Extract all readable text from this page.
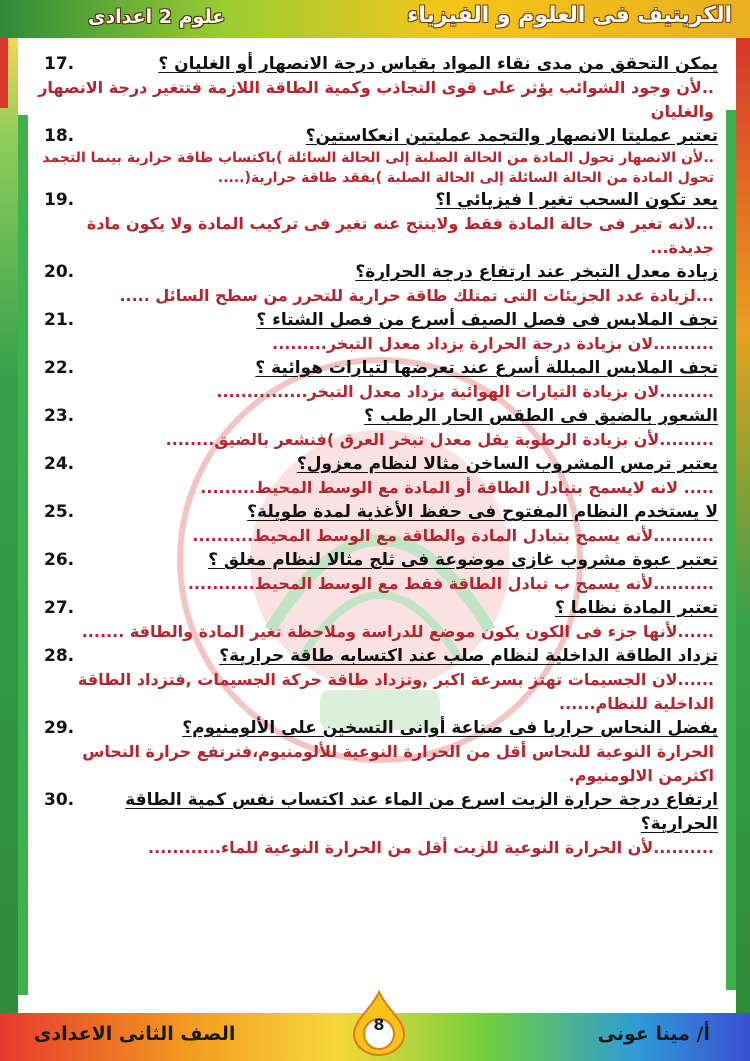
الكريتيف فى العلوم و الفيزياء
علوم 2 اعدادى
يمكن التحقق من مدى نقاء المواد بقياس درجة الانصهار أو الغليان ؟
17.
..لأن وجود الشوائب يؤثر على قوى التجاذب وكمية الطاقة اللازمة فتتغير درجة الانصهار والغليان
تعتبر عمليتا الانصهار والتجمد عمليتين انعكاستين؟
18.
..لأن الانصهار تحول المادة من الحالة الصلبة إلى الحالة السائلة )باكتساب طاقة حرارية بينما التجمد تحول المادة من الحالة السائلة إلى الحالة الصلبة )بفقد طاقة حرارية(.....
يعد تكون السحب تغير ا فيزيائي ا؟
19.
...لانه تغير فى حالة المادة فقط ولاينتج عنه تغير فى تركيب المادة ولا يكون مادة جديدة...
زيادة معدل التبخر عند ارتفاع درجة الحرارة؟
20.
...لزيادة عدد الجزيئات التى تمتلك طاقة حرارية للتحرر من سطح السائل .....
تجف الملابس فى فصل الصيف أسرع من فصل الشتاء ؟
21.
..........لان بزيادة درجة الحرارة يزداد معدل التبخر.........
تجف الملابس المبللة أسرع عند تعرضها لتيارات هوائية ؟
22.
.........لان بزيادة التيارات الهوائية يزداد معدل التبخر...............
الشعور بالضيق فى الطقس الحار الرطب ؟
23.
.........لأن بزيادة الرطوبة يقل معدل تبخر العرق )فنشعر بالضيق........
يعتبر ترمس المشروب الساخن مثالا لنظام معزول؟
24.
..... لانه لايسمح بتبادل الطاقة أو المادة مع الوسط المحيط.........
لا يستخدم النظام المفتوح فى حفظ الأغذية لمدة طويلة؟
25.
..........لأنه يسمح بتبادل المادة والطاقة مع الوسط المحيط..........
تعتبر عبوة مشروب غازى موضوعة فى ثلج مثالا لنظام مغلق ؟
26.
..........لأنه يسمح ب تبادل الطاقة فقط مع الوسط المحيط...........
تعتبر المادة نظاما ؟
27.
......لأنها جزء فى الكون يكون موضع للدراسة وملاحظة تغير المادة والطاقة .......
تزداد الطاقة الداخلية لنظام صلب عند اكتسابه طاقة حرارية؟
28.
......لان الجسيمات تهتز بسرعة اكبر ,وتزداد طاقة حركة الجسيمات ,فتزداد الطاقة الداخلية للنظام......
يفضل النحاس حراريا فى صناعة أوانى التسخين على الألومنيوم؟
29.
الحرارة النوعية للنحاس أقل من الحرارة النوعية للألومنيوم،فترتفع حرارة النحاس اكثرمن الالومنيوم.
ارتفاع درجة حرارة الزيت اسرع من الماء عند اكتساب نفس كمية الطاقة الحرارية؟
30.
..........لأن الحرارة النوعية للزيت أقل من الحرارة النوعية للماء............
الصف الثانى الاعدادى	أ/ مينا عونى
8
